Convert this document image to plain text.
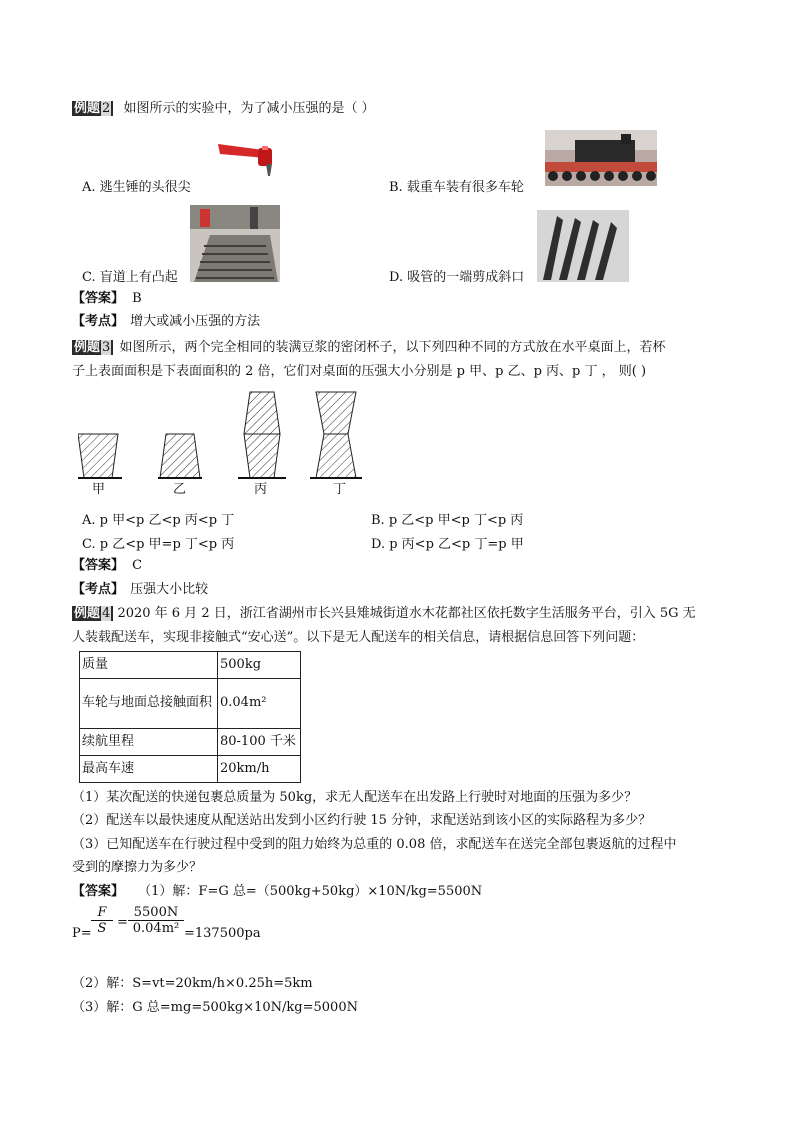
例题 2 如图所示的实验中，为了减小压强的是（ ）
A. 逃生锤的头很尖	B. 载重车装有很多车轮
C. 盲道上有凸起	D. 吸管的一端剪成斜口
【答案】 B
【考点】 增大或减小压强的方法
例题 3 如图所示，两个完全相同的装满豆浆的密闭杯子，以下列四种不同的方式放在水平桌面上，若杯
子上表面面积是下表面面积的 2 倍，它们对桌面的压强大小分别是 p 甲、p 乙、p 丙、p 丁 ， 则( )
甲	乙	丙	丁
A. p 甲<p 乙<p 丙<p 丁	B. p 乙<p 甲<p 丁<p 丙
C. p 乙<p 甲=p 丁<p 丙	D. p 丙<p 乙<p 丁=p 甲
【答案】 C
【考点】 压强大小比较
例题 4 2020 年 6 月 2 日，浙江省湖州市长兴县雉城街道水木花都社区依托数字生活服务平台，引入 5G 无
人装载配送车，实现非接触式“安心送”。以下是无人配送车的相关信息，请根据信息回答下列问题：
质量	500kg
车轮与地面总接触面积	0.04m²
续航里程	80-100 千米
最高车速	20km/h
（1）某次配送的快递包裹总质量为 50kg，求无人配送车在出发路上行驶时对地面的压强为多少？
（2）配送车以最快速度从配送站出发到小区约行驶 15 分钟，求配送站到该小区的实际路程为多少？
（3）已知配送车在行驶过程中受到的阻力始终为总重的 0.08 倍，求配送车在送完全部包裹返航的过程中
受到的摩擦力为多少？
【答案】 （1）解：F=G 总=（500kg+50kg）×10N/kg=5500N
$P= \frac{F}{S} = \frac{5500N}{\text{0.04m²}} =137500pa$
（2）解：S=vt=20km/h×0.25h=5km
（3）解：G 总=mg=500kg×10N/kg=5000N
